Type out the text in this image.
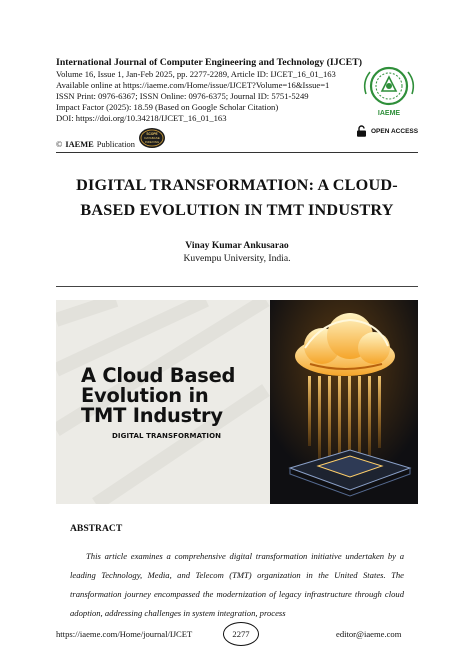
International Journal of Computer Engineering and Technology (IJCET)
Volume 16, Issue 1, Jan-Feb 2025, pp. 2277-2289, Article ID: IJCET_16_01_163
Available online at https://iaeme.com/Home/issue/IJCET?Volume=16&Issue=1
ISSN Print: 0976-6367; ISSN Online: 0976-6375; Journal ID: 5751-5249
Impact Factor (2025): 18.59 (Based on Google Scholar Citation)
DOI: https://doi.org/10.34218/IJCET_16_01_163	IAEME
OPEN ACCESS
© IAEME Publication
SCOPE
DATABASE
INDEXING
DIGITAL TRANSFORMATION: A CLOUD-
BASED EVOLUTION IN TMT INDUSTRY
Vinay Kumar Ankusarao
Kuvempu University, India.
A Cloud Based
Evolution in
TMT Industry
DIGITAL TRANSFORMATION
ABSTRACT

This article examines a comprehensive digital transformation initiative undertaken by a leading Technology, Media, and Telecom (TMT) organization in the United States. The transformation journey encompassed the modernization of legacy infrastructure through cloud adoption, addressing challenges in system integration, process

https://iaeme.com/Home/journal/IJCET	2277	editor@iaeme.com
